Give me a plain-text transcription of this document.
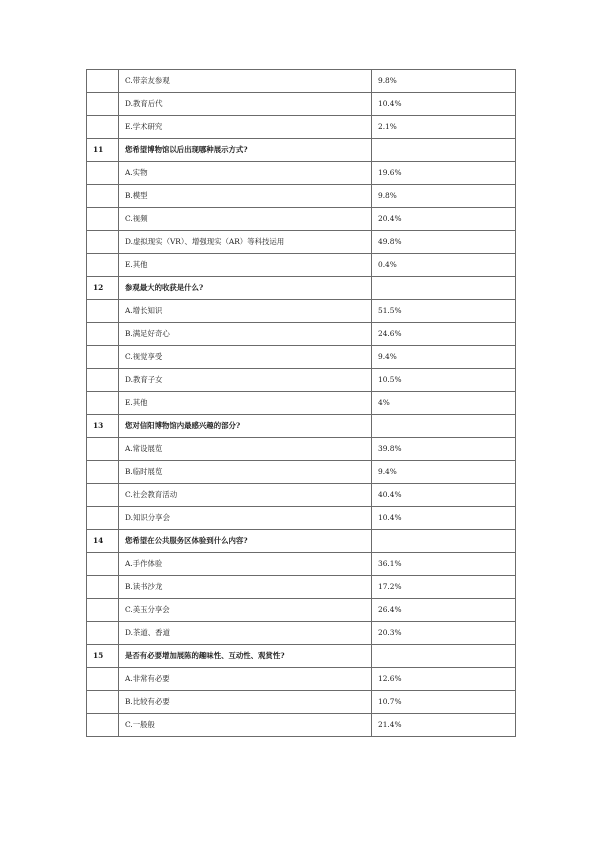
	C.带亲友参观	9.8%
	D.教育后代	10.4%
	E.学术研究	2.1%
11	您希望博物馆以后出现哪种展示方式?	
	A.实物	19.6%
	B.模型	9.8%
	C.视频	20.4%
	D.虚拟现实（VR）、增强现实（AR）等科技运用	49.8%
	E.其他	0.4%
12	参观最大的收获是什么?	
	A.增长知识	51.5%
	B.满足好奇心	24.6%
	C.视觉享受	9.4%
	D.教育子女	10.5%
	E.其他	4%
13	您对信阳博物馆内最感兴趣的部分?	
	A.常设展览	39.8%
	B.临时展览	9.4%
	C.社会教育活动	40.4%
	D.知识分享会	10.4%
14	您希望在公共服务区体验到什么内容?	
	A.手作体验	36.1%
	B.读书沙龙	17.2%
	C.美玉分享会	26.4%
	D.茶道、香道	20.3%
15	是否有必要增加展陈的趣味性、互动性、观赏性?	
	A.非常有必要	12.6%
	B.比较有必要	10.7%
	C.一般般	21.4%
